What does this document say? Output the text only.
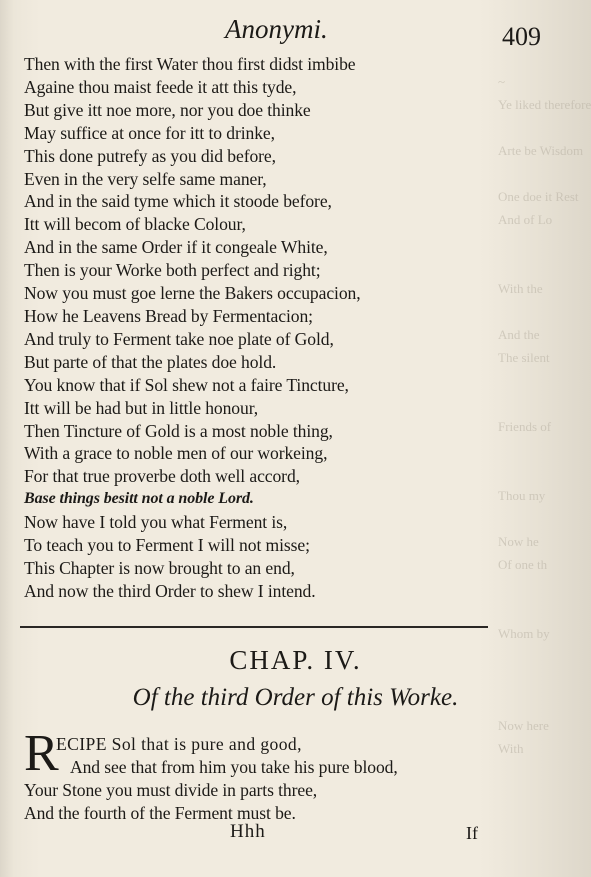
~
Ye liked therefore

Arte be Wisdom

One doe it Rest
And of Lo

With the

And the
The silent

Friends of

Thou my

Now he
Of one th

Whom by

Now here
With
Anonymi.	409
Then with the first Water thou first didst imbibe
Againe thou maist feede it att this tyde,
But give itt noe more, nor you doe thinke
May suffice at once for itt to drinke,
This done putrefy as you did before,
Even in the very selfe same maner,
And in the said tyme which it stoode before,
Itt will becom of blacke Colour,
And in the same Order if it congeale White,
Then is your Worke both perfect and right;
Now you must goe lerne the Bakers occupacion,
How he Leavens Bread by Fermentacion;
And truly to Ferment take noe plate of Gold,
But parte of that the plates doe hold.
You know that if Sol shew not a faire Tincture,
Itt will be had but in little honour,
Then Tincture of Gold is a most noble thing,
With a grace to noble men of our workeing,
For that true proverbe doth well accord,
Base things besitt not a noble Lord.
Now have I told you what Ferment is,
To teach you to Ferment I will not misse;
This Chapter is now brought to an end,
And now the third Order to shew I intend.
CHAP. IV.
Of the third Order of this Worke.
R
ECIPE Sol that is pure and good,
And see that from him you take his pure blood,
Your Stone you must divide in parts three,
And the fourth of the Ferment must be.
Hhh	If
